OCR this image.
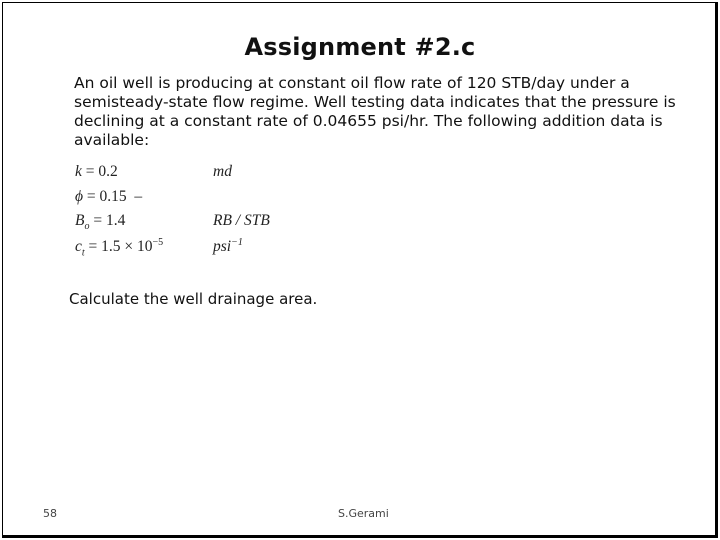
Assignment #2.c
An oil well is producing at constant oil flow rate of 120 STB/day under a
semisteady-state flow regime. Well testing data indicates that the pressure is
declining at a constant rate of 0.04655 psi/hr. The following addition data is
available:
k = 0.2	md
ϕ = 0.15  –
$B_o = 1.4$	RB / STB
$c_t = 1.5 \times 10^{-5}$	psi$^{-1}$
Calculate the well drainage area.
58	S.Gerami
